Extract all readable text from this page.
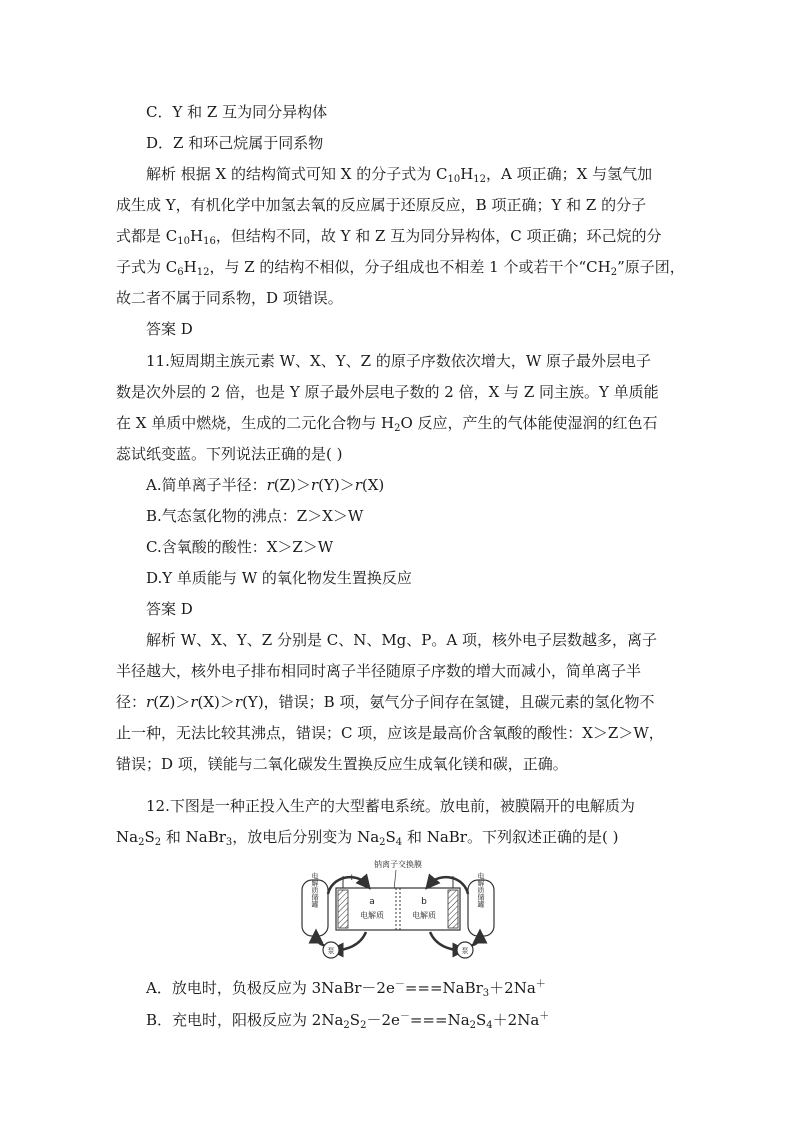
C．Y 和 Z 互为同分异构体
D．Z 和环己烷属于同系物
解析 根据 X 的结构简式可知 X 的分子式为 $C_{10}H_{12}$，A 项正确；X 与氢气加
成生成 Y，有机化学中加氢去氧的反应属于还原反应，B 项正确；Y 和 Z 的分子
式都是 $C_{10}H_{16}$，但结构不同，故 Y 和 Z 互为同分异构体，C 项正确；环己烷的分
子式为 $C_6H_{12}$，与 Z 的结构不相似，分子组成也不相差 1 个或若干个“$CH_2$”原子团，
故二者不属于同系物，D 项错误。
答案 D
11.短周期主族元素 W、X、Y、Z 的原子序数依次增大，W 原子最外层电子
数是次外层的 2 倍，也是 Y 原子最外层电子数的 2 倍，X 与 Z 同主族。Y 单质能
在 X 单质中燃烧，生成的二元化合物与 $H_2O$ 反应，产生的气体能使湿润的红色石
蕊试纸变蓝。下列说法正确的是( )
A.简单离子半径：r(Z)＞r(Y)＞r(X)
B.气态氢化物的沸点：Z＞X＞W
C.含氧酸的酸性：X＞Z＞W
D.Y 单质能与 W 的氧化物发生置换反应
答案 D
解析 W、X、Y、Z 分别是 C、N、Mg、P。A 项，核外电子层数越多，离子
半径越大，核外电子排布相同时离子半径随原子序数的增大而减小，简单离子半
径：r(Z)＞r(X)＞r(Y)，错误；B 项，氨气分子间存在氢键，且碳元素的氢化物不
止一种，无法比较其沸点，错误；C 项，应该是最高价含氧酸的酸性：X＞Z＞W，
错误；D 项，镁能与二氧化碳发生置换反应生成氧化镁和碳，正确。
12.下图是一种正投入生产的大型蓄电系统。放电前，被膜隔开的电解质为
$Na_2S_2$ 和 NaBr$_3$，放电后分别变为 $Na_2S_4$ 和 NaBr。下列叙述正确的是( )
钠离子交换膜
电解质储罐	电解质储罐
a
电解质
b
电解质
+	−
泵	泵
A．放电时，负极反应为 3NaBr－2e－===NaBr$_3$＋2Na＋
B．充电时，阳极反应为 $2Na_2S_2-2e^-===Na_2S_4+2Na^+$
